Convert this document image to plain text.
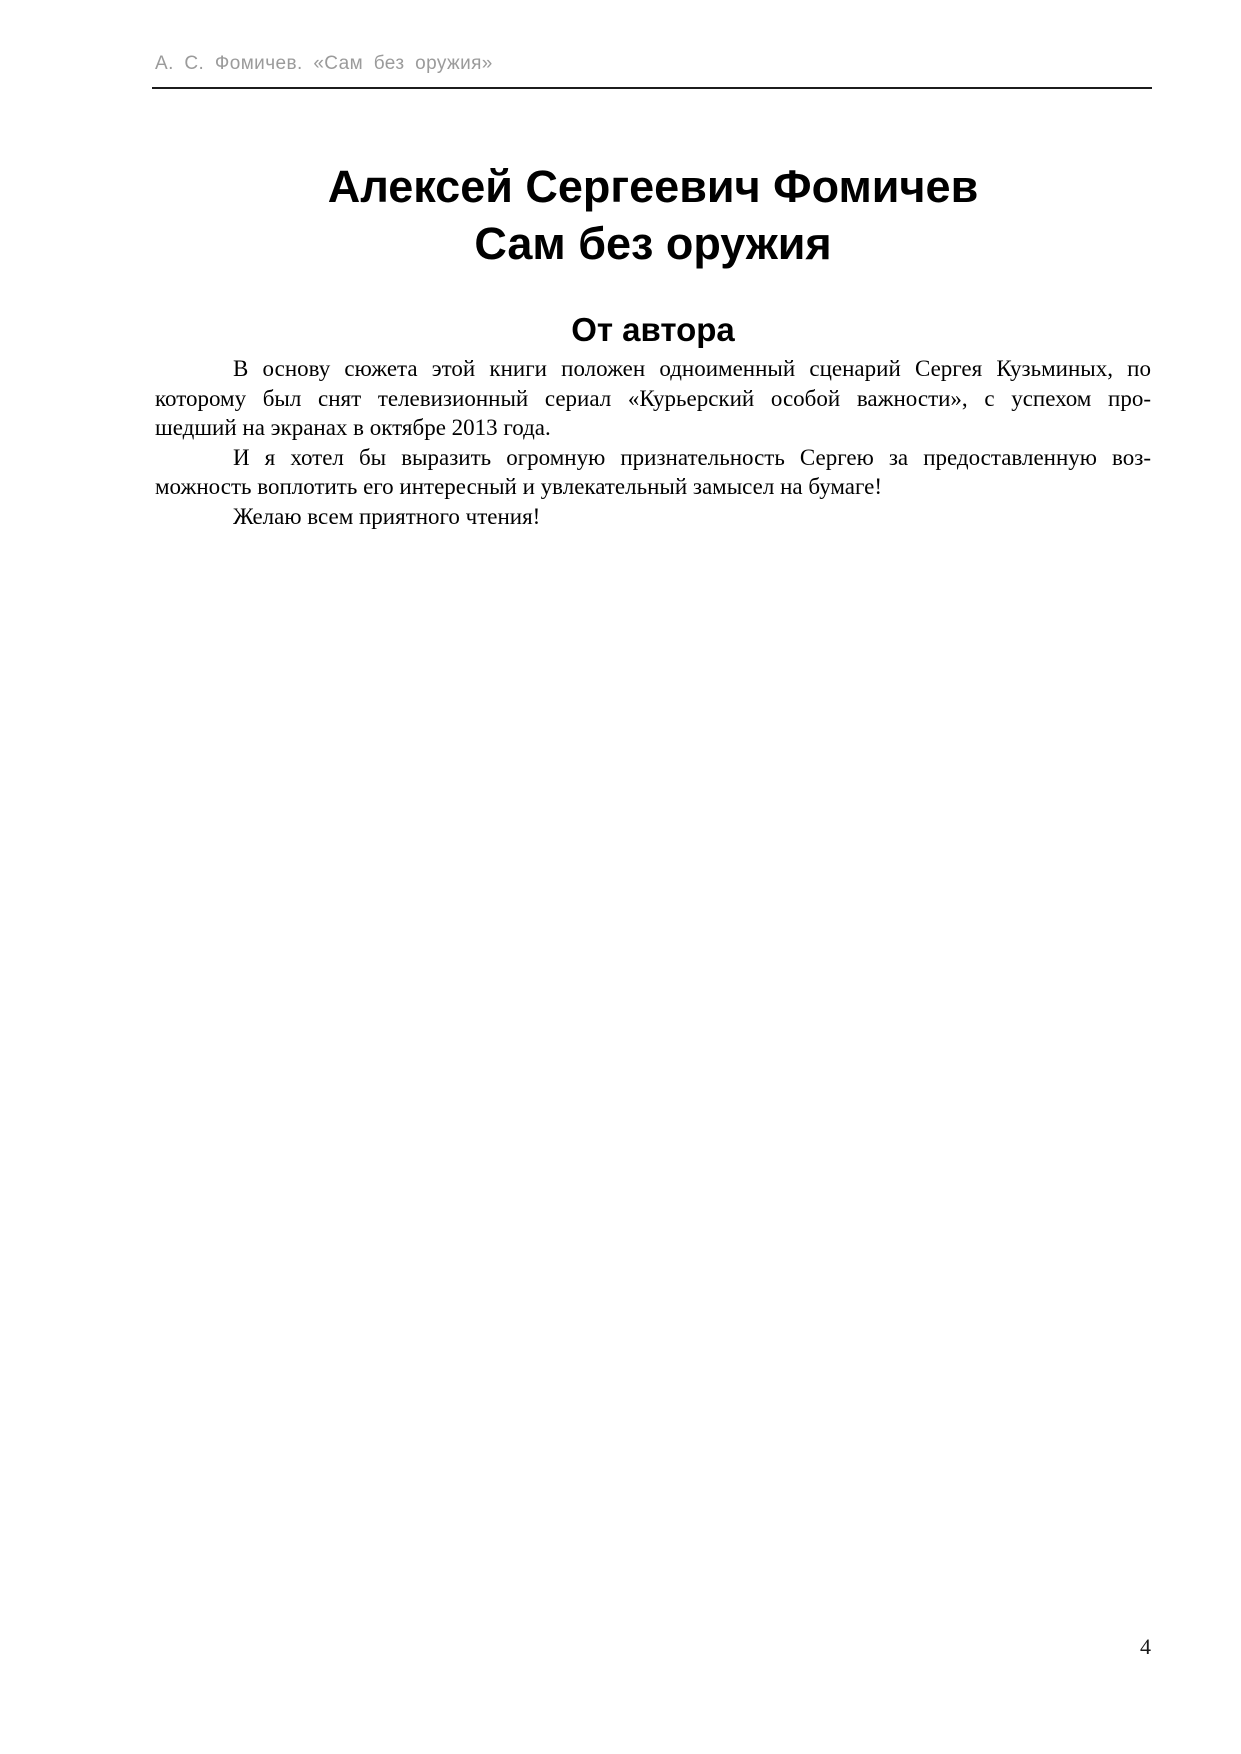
А. С. Фомичев. «Сам без оружия»
Алексей Сергеевич Фомичев
Сам без оружия
От автора
В основу сюжета этой книги положен одноименный сценарий Сергея Кузьминых, по
которому был снят телевизионный сериал «Курьерский особой важности», с успехом про-
шедший на экранах в октябре 2013 года.
И я хотел бы выразить огромную признательность Сергею за предоставленную воз-
можность воплотить его интересный и увлекательный замысел на бумаге!
Желаю всем приятного чтения!
4
